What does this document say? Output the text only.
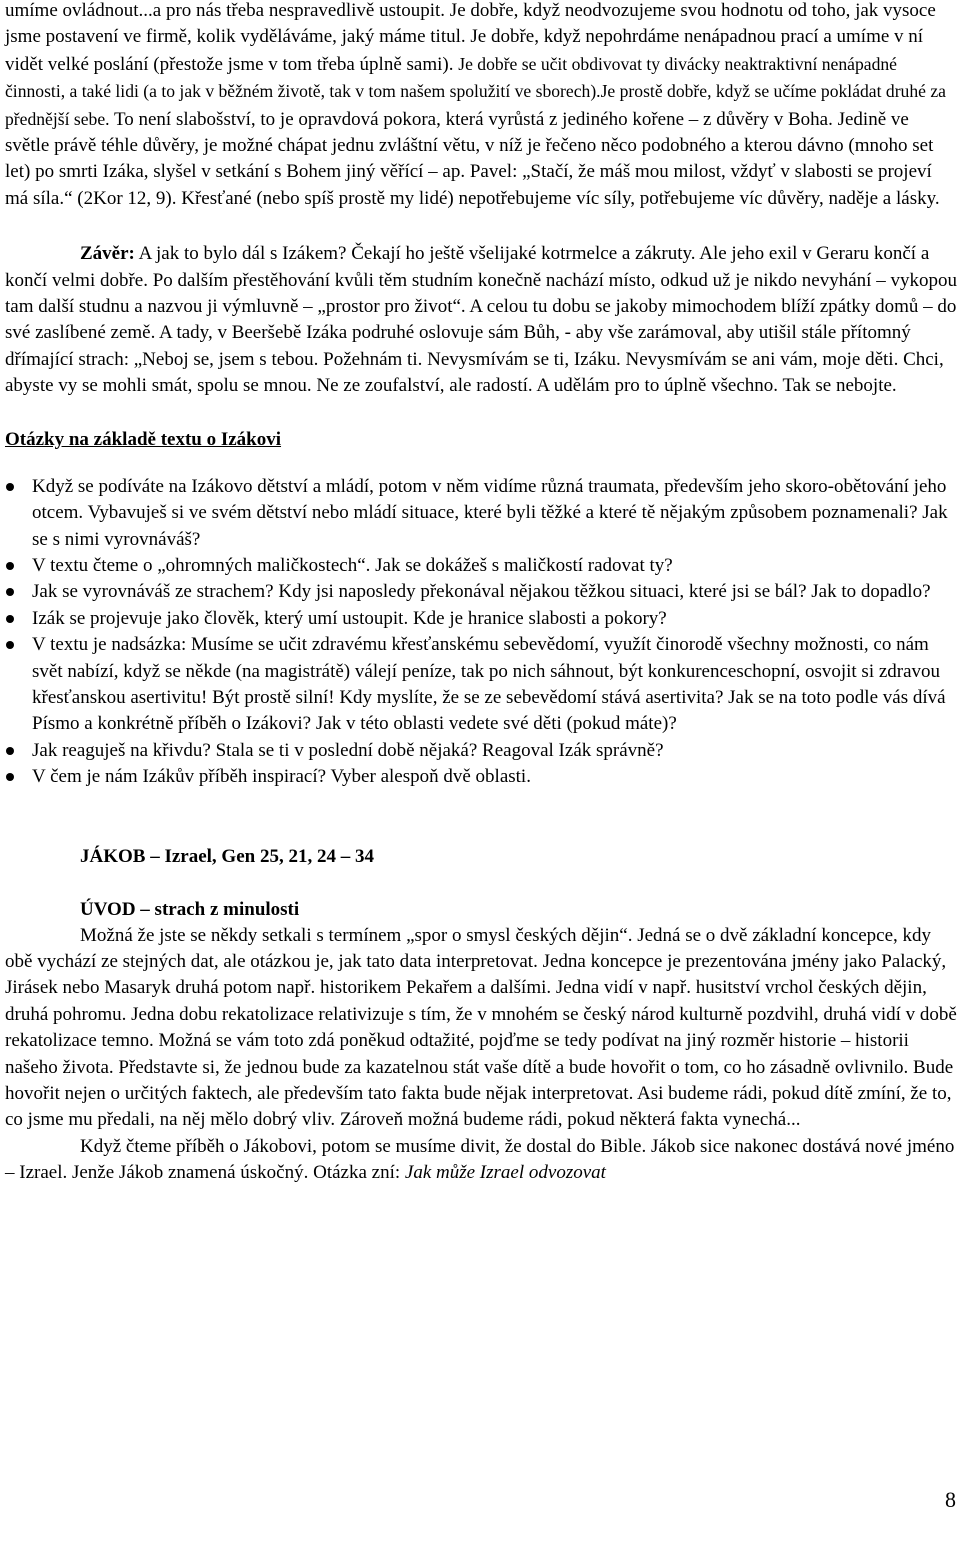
umíme ovládnout...a pro nás třeba nespravedlivě ustoupit. Je dobře, když neodvozujeme svou hodnotu od toho, jak vysoce jsme postavení ve firmě, kolik vyděláváme, jaký máme titul. Je dobře, když nepohrdáme nenápadnou prací a umíme v ní vidět velké poslání (přestože jsme v tom třeba úplně sami). Je dobře se učit obdivovat ty divácky neaktraktivní nenápadné činnosti, a také lidi (a to jak v běžném životě, tak v tom našem spolužití ve sborech).Je prostě dobře, když se učíme pokládat druhé za přednější sebe. To není slabošství, to je opravdová pokora, která vyrůstá z jediného kořene – z důvěry v Boha. Jedině ve světle právě téhle důvěry, je možné chápat jednu zvláštní větu, v níž je řečeno něco podobného a kterou dávno (mnoho set let) po smrti Izáka, slyšel v setkání s Bohem jiný věřící – ap. Pavel: „Stačí, že máš mou milost, vždyť v slabosti se projeví má síla.“ (2Kor 12, 9). Křesťané (nebo spíš prostě my lidé) nepotřebujeme víc síly, potřebujeme víc důvěry, naděje a lásky.

Závěr: A jak to bylo dál s Izákem? Čekají ho ještě všelijaké kotrmelce a zákruty. Ale jeho exil v Geraru končí a končí velmi dobře. Po dalším přestěhování kvůli těm studním konečně nachází místo, odkud už je nikdo nevyhání – vykopou tam další studnu a nazvou ji výmluvně – „prostor pro život“. A celou tu dobu se jakoby mimochodem blíží zpátky domů – do své zaslíbené země. A tady, v Beeršebě Izáka podruhé oslovuje sám Bůh, - aby vše zarámoval, aby utišil stále přítomný dřímající strach: „Neboj se, jsem s tebou. Požehnám ti. Nevysmívám se ti, Izáku. Nevysmívám se ani vám, moje děti. Chci, abyste vy se mohli smát, spolu se mnou. Ne ze zoufalství, ale radostí. A udělám pro to úplně všechno. Tak se nebojte.

Otázky na základě textu o Izákovi

Když se podíváte na Izákovo dětství a mládí, potom v něm vidíme různá traumata, především jeho skoro-obětování jeho otcem. Vybavuješ si ve svém dětství nebo mládí situace, které byli těžké a které tě nějakým způsobem poznamenali? Jak se s nimi vyrovnáváš?
V textu čteme o „ohromných maličkostech“. Jak se dokážeš s maličkostí radovat ty?
Jak se vyrovnáváš ze strachem? Kdy jsi naposledy překonával nějakou těžkou situaci, které jsi se bál? Jak to dopadlo?
Izák se projevuje jako člověk, který umí ustoupit. Kde je hranice slabosti a pokory?
V textu je nadsázka: Musíme se učit zdravému křesťanskému sebevědomí, využít činorodě všechny možnosti, co nám svět nabízí, když se někde (na magistrátě) válejí peníze, tak po nich sáhnout, být konkurenceschopní, osvojit si zdravou křesťanskou asertivitu! Být prostě silní! Kdy myslíte, že se ze sebevědomí stává asertivita? Jak se na toto podle vás dívá Písmo a konkrétně příběh o Izákovi? Jak v této oblasti vedete své děti (pokud máte)?
Jak reaguješ na křivdu? Stala se ti v poslední době nějaká? Reagoval Izák správně?
V čem je nám Izákův příběh inspirací? Vyber alespoň dvě oblasti.

JÁKOB – Izrael, Gen 25, 21, 24 – 34

ÚVOD – strach z minulosti

Možná že jste se někdy setkali s termínem „spor o smysl českých dějin“. Jedná se o dvě základní koncepce, kdy obě vychází ze stejných dat, ale otázkou je, jak tato data interpretovat. Jedna koncepce je prezentována jmény jako Palacký, Jirásek nebo Masaryk druhá potom např. historikem Pekařem a dalšími. Jedna vidí v např. husitství vrchol českých dějin, druhá pohromu. Jedna dobu rekatolizace relativizuje s tím, že v mnohém se český národ kulturně pozdvihl, druhá vidí v době rekatolizace temno. Možná se vám toto zdá poněkud odtažité, pojďme se tedy podívat na jiný rozměr historie – historii našeho života. Představte si, že jednou bude za kazatelnou stát vaše dítě a bude hovořit o tom, co ho zásadně ovlivnilo. Bude hovořit nejen o určitých faktech, ale především tato fakta bude nějak interpretovat. Asi budeme rádi, pokud dítě zmíní, že to, co jsme mu předali, na něj mělo dobrý vliv. Zároveň možná budeme rádi, pokud některá fakta vynechá...

Když čteme příběh o Jákobovi, potom se musíme divit, že dostal do Bible. Jákob sice nakonec dostává nové jméno – Izrael. Jenže Jákob znamená úskočný. Otázka zní: Jak může Izrael odvozovat

8
